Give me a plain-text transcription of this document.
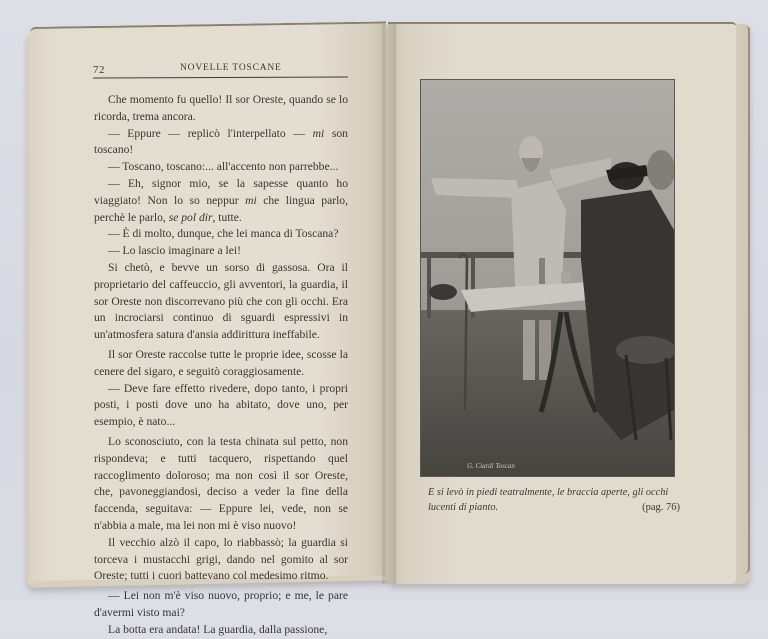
72	NOVELLE TOSCANE

Che momento fu quello! Il sor Oreste, quando se lo ricorda, trema ancora.

— Eppure — replicò l'interpellato — mi son toscano!

— Toscano, toscano:... all'accento non parrebbe...

— Eh, signor mio, se la sapesse quanto ho viaggiato! Non lo so neppur mi che lingua parlo, perchè le parlo, se pol dir, tutte.

— È di molto, dunque, che lei manca di Toscana?

— Lo lascio imaginare a lei!

Si chetò, e bevve un sorso di gassosa. Ora il proprietario del caffeuccio, gli avventori, la guardia, il sor Oreste non discorrevano più che con gli occhi. Era un incrociarsi continuo di sguardi espressivi in un'atmosfera satura d'ansia addirittura ineffabile.

Il sor Oreste raccolse tutte le proprie idee, scosse la cenere del sigaro, e seguitò coraggiosamente.

— Deve fare effetto rivedere, dopo tanto, i propri posti, i posti dove uno ha abitato, dove uno, per esempio, è nato...

Lo sconosciuto, con la testa chinata sul petto, non rispondeva; e tutti tacquero, rispettando quel raccoglimento doloroso; ma non così il sor Oreste, che, pavoneggiandosi, deciso a veder la fine della faccenda, seguitava: — Eppure lei, vede, non se n'abbia a male, ma lei non mi è viso nuovo!

Il vecchio alzò il capo, lo riabbassò; la guardia si torceva i mustacchi grigi, dando nel gomito al sor Oreste; tutti i cuori battevano col medesimo ritmo.

— Lei non m'è viso nuovo, proprio; e me, le pare d'avermi visto mai?

La botta era andata! La guardia, dalla passione,

G. Ciardi Toscan
E si levò in piedi teatralmente, le braccia aperte, gli occhi lucenti di pianto.	(pag. 76)
